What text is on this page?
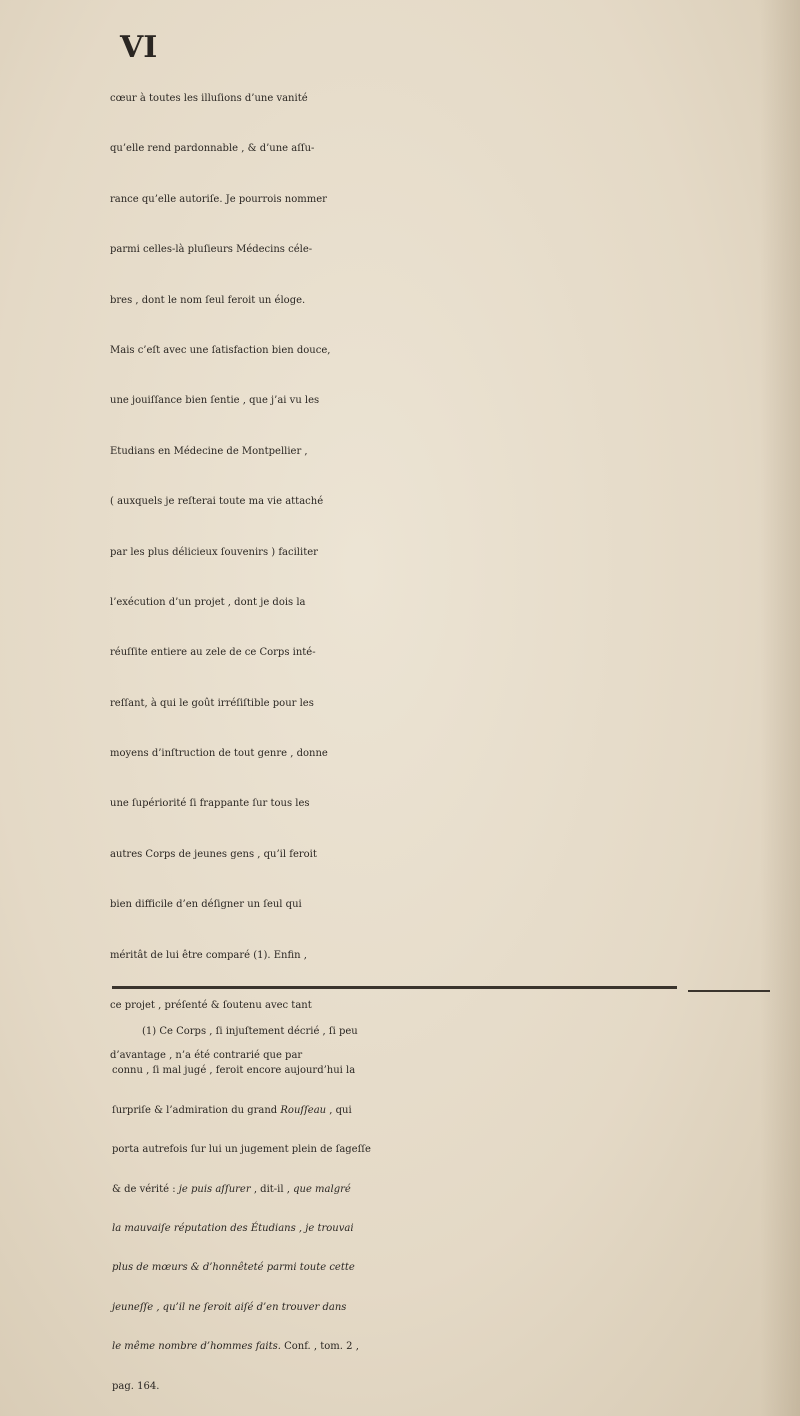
VI
cœur à toutes les illuſions d’une vanité
qu’elle rend pardonnable , & d’une aſſu-
rance qu’elle autoriſe. Je pourrois nommer
parmi celles-là pluſieurs Médecins céle-
bres , dont le nom ſeul feroit un éloge.
Mais c’eſt avec une ſatisfaction bien douce,
une jouiſſance bien ſentie , que j’ai vu les
Etudians en Médecine de Montpellier ,
( auxquels je reſterai toute ma vie attaché
par les plus délicieux ſouvenirs ) faciliter
l’exécution d’un projet , dont je dois la
réuſſite entiere au zele de ce Corps inté-
reſſant, à qui le goût irréſiſtible pour les
moyens d’inſtruction de tout genre , donne
une ſupériorité ſi frappante ſur tous les
autres Corps de jeunes gens , qu’il feroit
bien difficile d’en déſigner un ſeul qui
méritât de lui être comparé (1). Enfin ,
ce projet , préſenté & ſoutenu avec tant
d’avantage , n’a été contrarié que par
(1) Ce Corps , ſi injuſtement décrié , ſi peu
connu , ſi mal jugé , feroit encore aujourd’hui la
ſurpriſe & l’admiration du grand Rouſſeau , qui
porta autrefois ſur lui un jugement plein de ſageſſe
& de vérité : je puis aſſurer , dit-il , que malgré
la mauvaiſe réputation des Étudians , je trouvai
plus de mœurs & d’honnêteté parmi toute cette
jeuneſſe , qu’il ne ſeroit aiſé d’en trouver dans
le même nombre d’hommes faits. Conf. , tom. 2 ,
pag. 164.
